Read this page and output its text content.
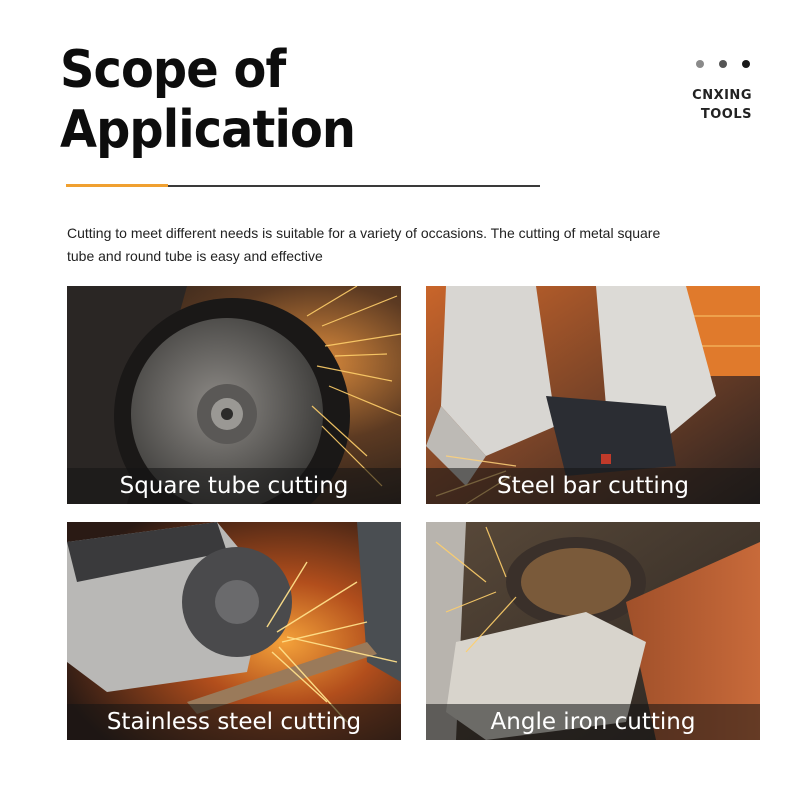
Scope of
Application
CNXING
TOOLS

Cutting to meet different needs is suitable for a variety of occasions. The cutting of metal square tube and round tube is easy and effective

Square tube cutting	Steel bar cutting
Stainless steel cutting	Angle iron cutting
